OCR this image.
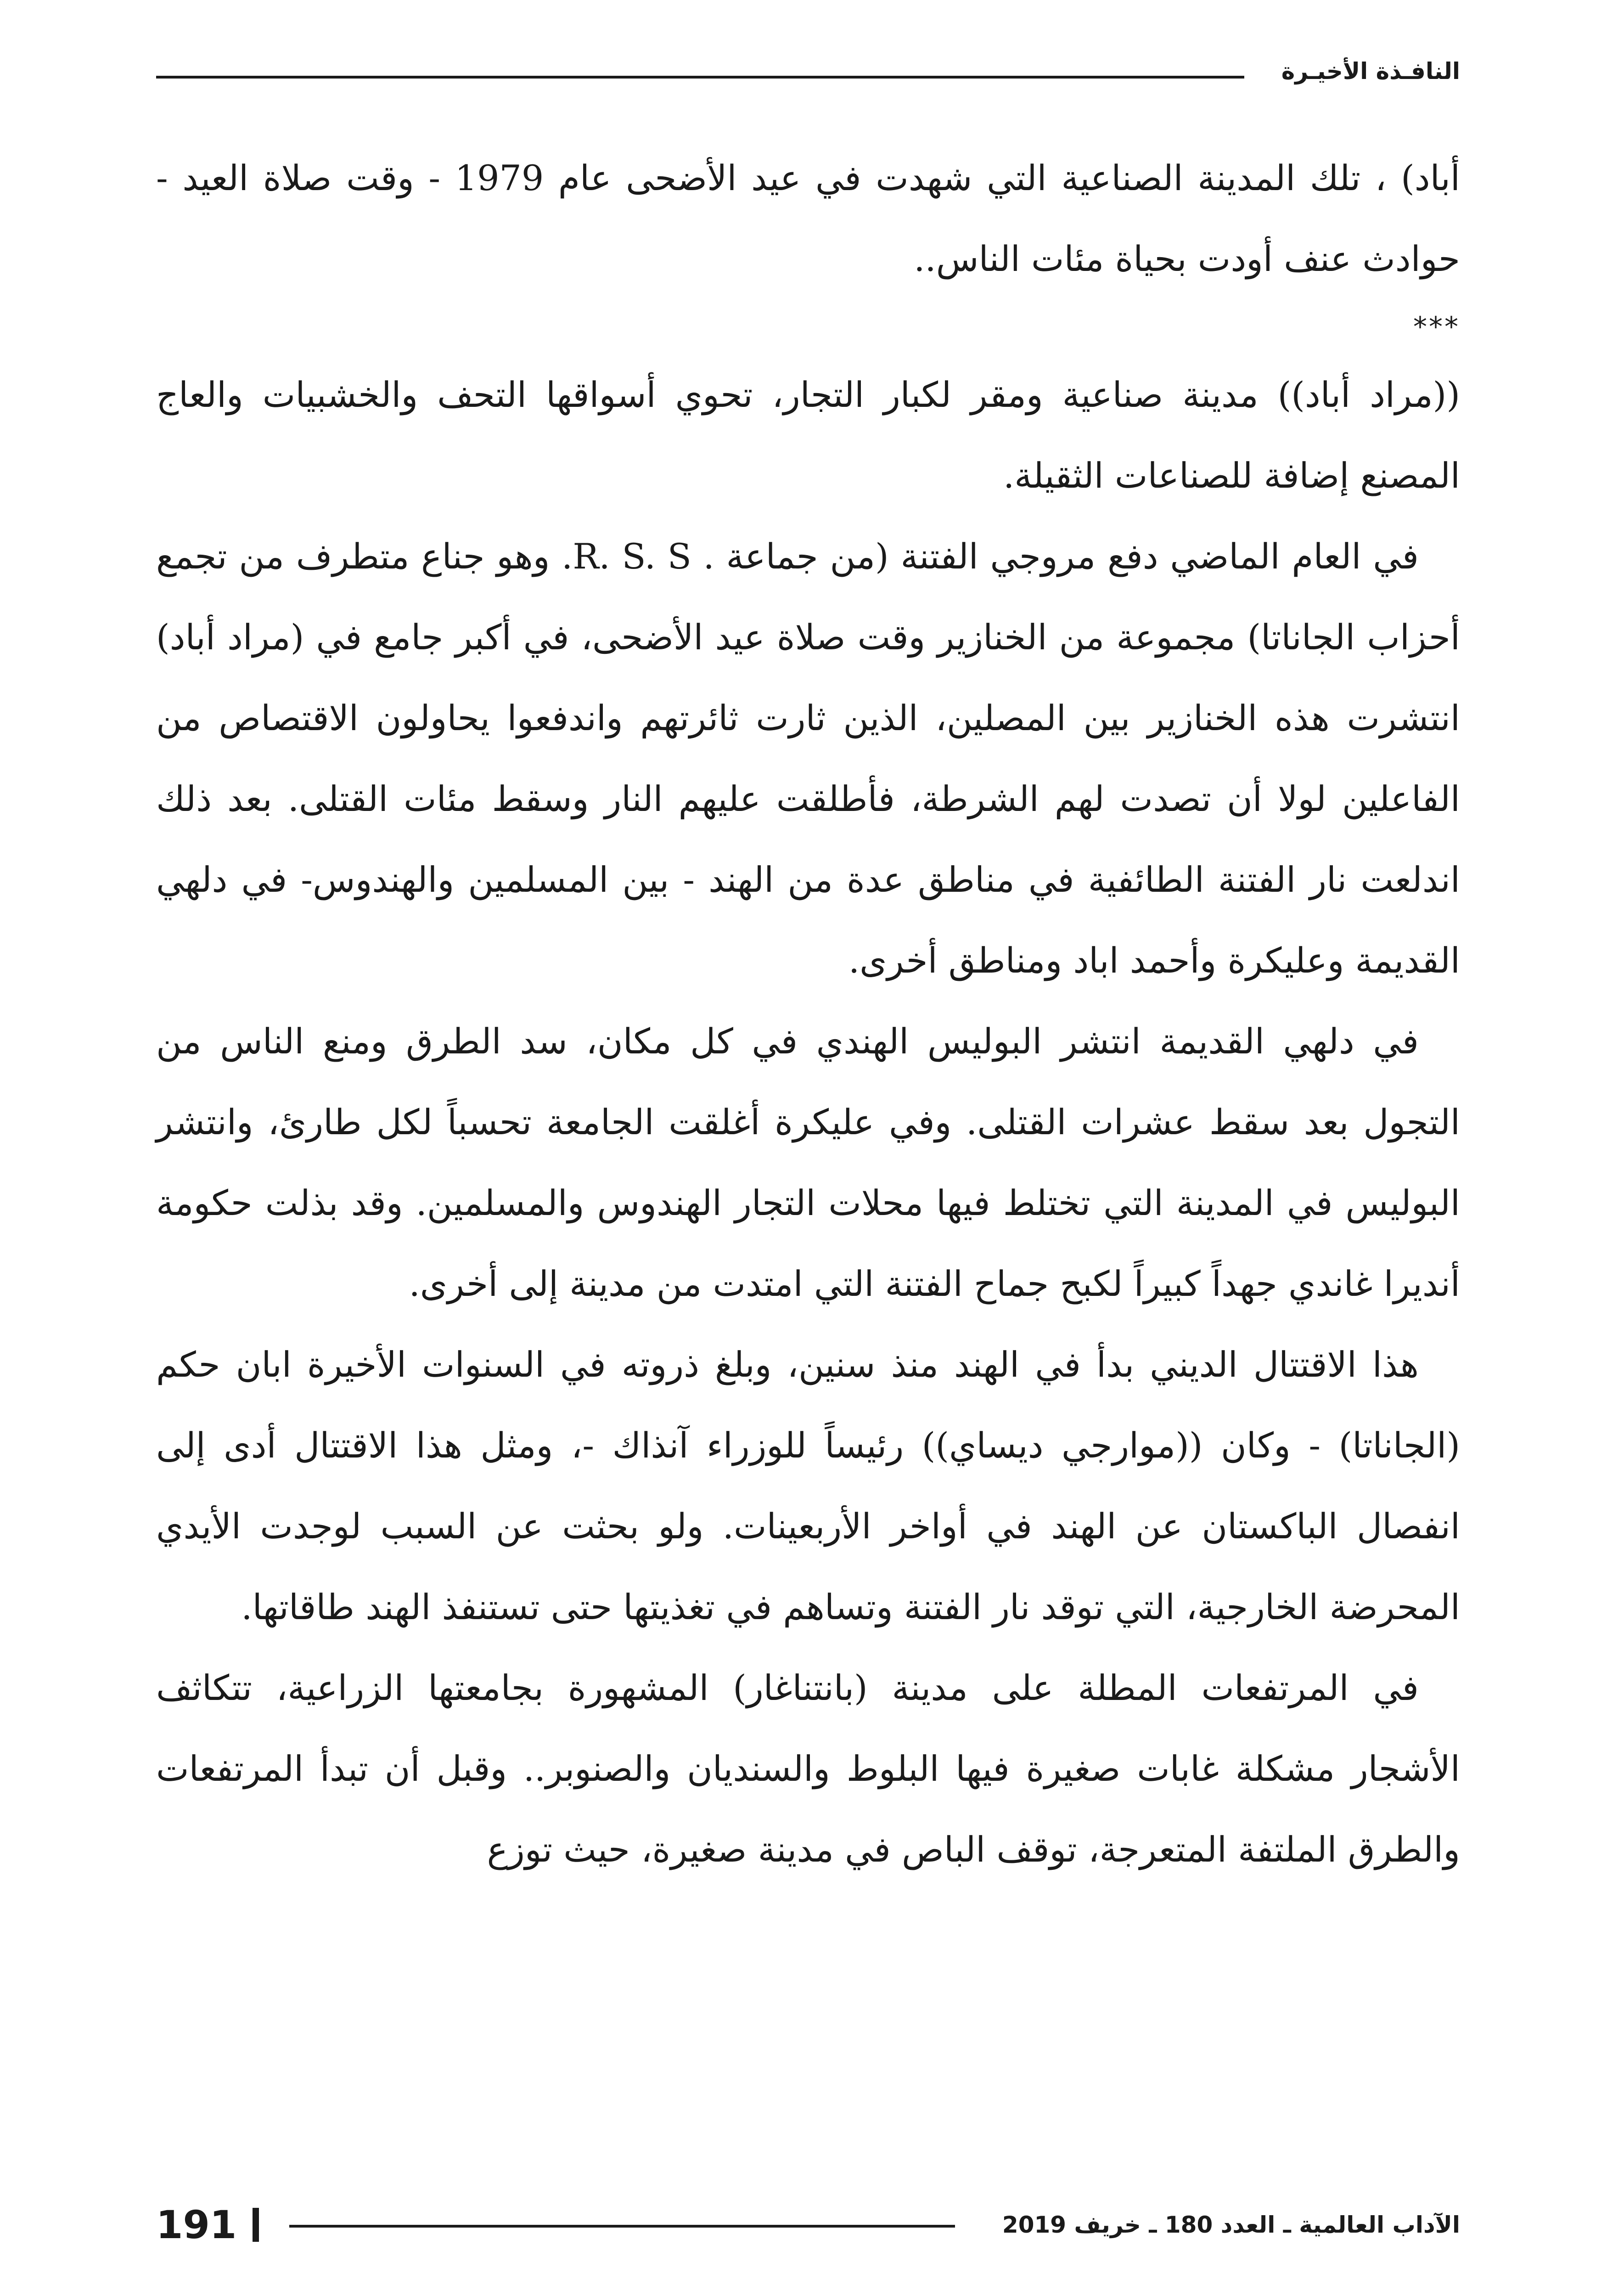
النافـذة الأخيـرة

أباد) ، تلك المدينة الصناعية التي شهدت في عيد الأضحى عام 1979 - وقت صلاة العيد - حوادث عنف أودت بحياة مئات الناس..

***

((مراد أباد)) مدينة صناعية ومقر لكبار التجار، تحوي أسواقها التحف والخشبيات والعاج المصنع إضافة للصناعات الثقيلة.

في العام الماضي دفع مروجي الفتنة (من جماعة . R. S. S. وهو جناع متطرف من تجمع أحزاب الجاناتا) مجموعة من الخنازير وقت صلاة عيد الأضحى، في أكبر جامع في (مراد أباد) انتشرت هذه الخنازير بين المصلين، الذين ثارت ثائرتهم واندفعوا يحاولون الاقتصاص من الفاعلين لولا أن تصدت لهم الشرطة، فأطلقت عليهم النار وسقط مئات القتلى. بعد ذلك اندلعت نار الفتنة الطائفية في مناطق عدة من الهند - بين المسلمين والهندوس- في دلهي القديمة وعليكرة وأحمد اباد ومناطق أخرى.

في دلهي القديمة انتشر البوليس الهندي في كل مكان، سد الطرق ومنع الناس من التجول بعد سقط عشرات القتلى. وفي عليكرة أغلقت الجامعة تحسباً لكل طارئ، وانتشر البوليس في المدينة التي تختلط فيها محلات التجار الهندوس والمسلمين. وقد بذلت حكومة أنديرا غاندي جهداً كبيراً لكبح جماح الفتنة التي امتدت من مدينة إلى أخرى.

هذا الاقتتال الديني بدأ في الهند منذ سنين، وبلغ ذروته في السنوات الأخيرة ابان حكم (الجاناتا) - وكان ((موارجي ديساي)) رئيساً للوزراء آنذاك -، ومثل هذا الاقتتال أدى إلى انفصال الباكستان عن الهند في أواخر الأربعينات. ولو بحثت عن السبب لوجدت الأيدي المحرضة الخارجية، التي توقد نار الفتنة وتساهم في تغذيتها حتى تستنفذ الهند طاقاتها.

في المرتفعات المطلة على مدينة (بانتناغار) المشهورة بجامعتها الزراعية، تتكاثف الأشجار مشكلة غابات صغيرة فيها البلوط والسنديان والصنوبر.. وقبل أن تبدأ المرتفعات والطرق الملتفة المتعرجة، توقف الباص في مدينة صغيرة، حيث توزع

191	الآداب العالمية ـ العدد 180 ـ خريف 2019
